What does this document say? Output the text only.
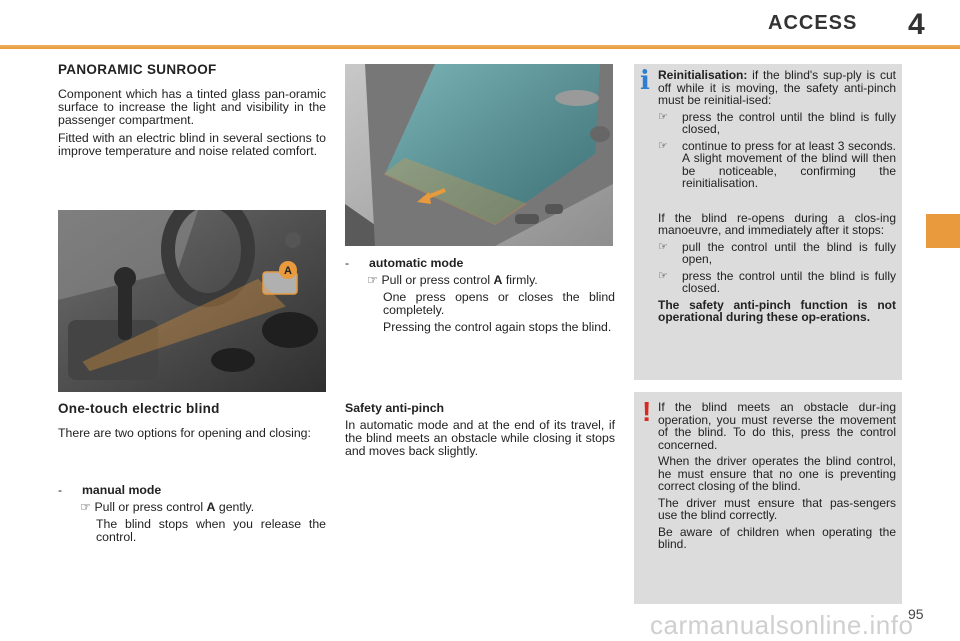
ACCESS 4
PANORAMIC SUNROOF

Component which has a tinted glass pan-oramic surface to increase the light and visibility in the passenger compartment.

Fitted with an electric blind in several sections to improve temperature and noise related comfort.

A
One-touch electric blind
There are two options for opening and closing:
- manual mode
☞ Pull or press control A gently.
The blind stops when you release the control.
- automatic mode
☞ Pull or press control A firmly.
One press opens or closes the blind completely.
Pressing the control again stops the blind.
Safety anti-pinch
In automatic mode and at the end of its travel, if the blind meets an obstacle while closing it stops and moves back slightly.

Reinitialisation: if the blind's sup-ply is cut off while it is moving, the safety anti-pinch must be reinitial-ised:

☞	press the control until the blind is fully closed,
☞	continue to press for at least 3 seconds. A slight movement of the blind will then be noticeable, confirming the reinitialisation.

If the blind re-opens during a clos-ing manoeuvre, and immediately after it stops:

☞	pull the control until the blind is fully open,
☞	press the control until the blind is fully closed.

The safety anti-pinch function is not operational during these op-erations.

i

If the blind meets an obstacle dur-ing operation, you must reverse the movement of the blind. To do this, press the control concerned.

When the driver operates the blind control, he must ensure that no one is preventing correct closing of the blind.

The driver must ensure that pas-sengers use the blind correctly.

Be aware of children when operating the blind.

!
carmanualsonline.info
95
